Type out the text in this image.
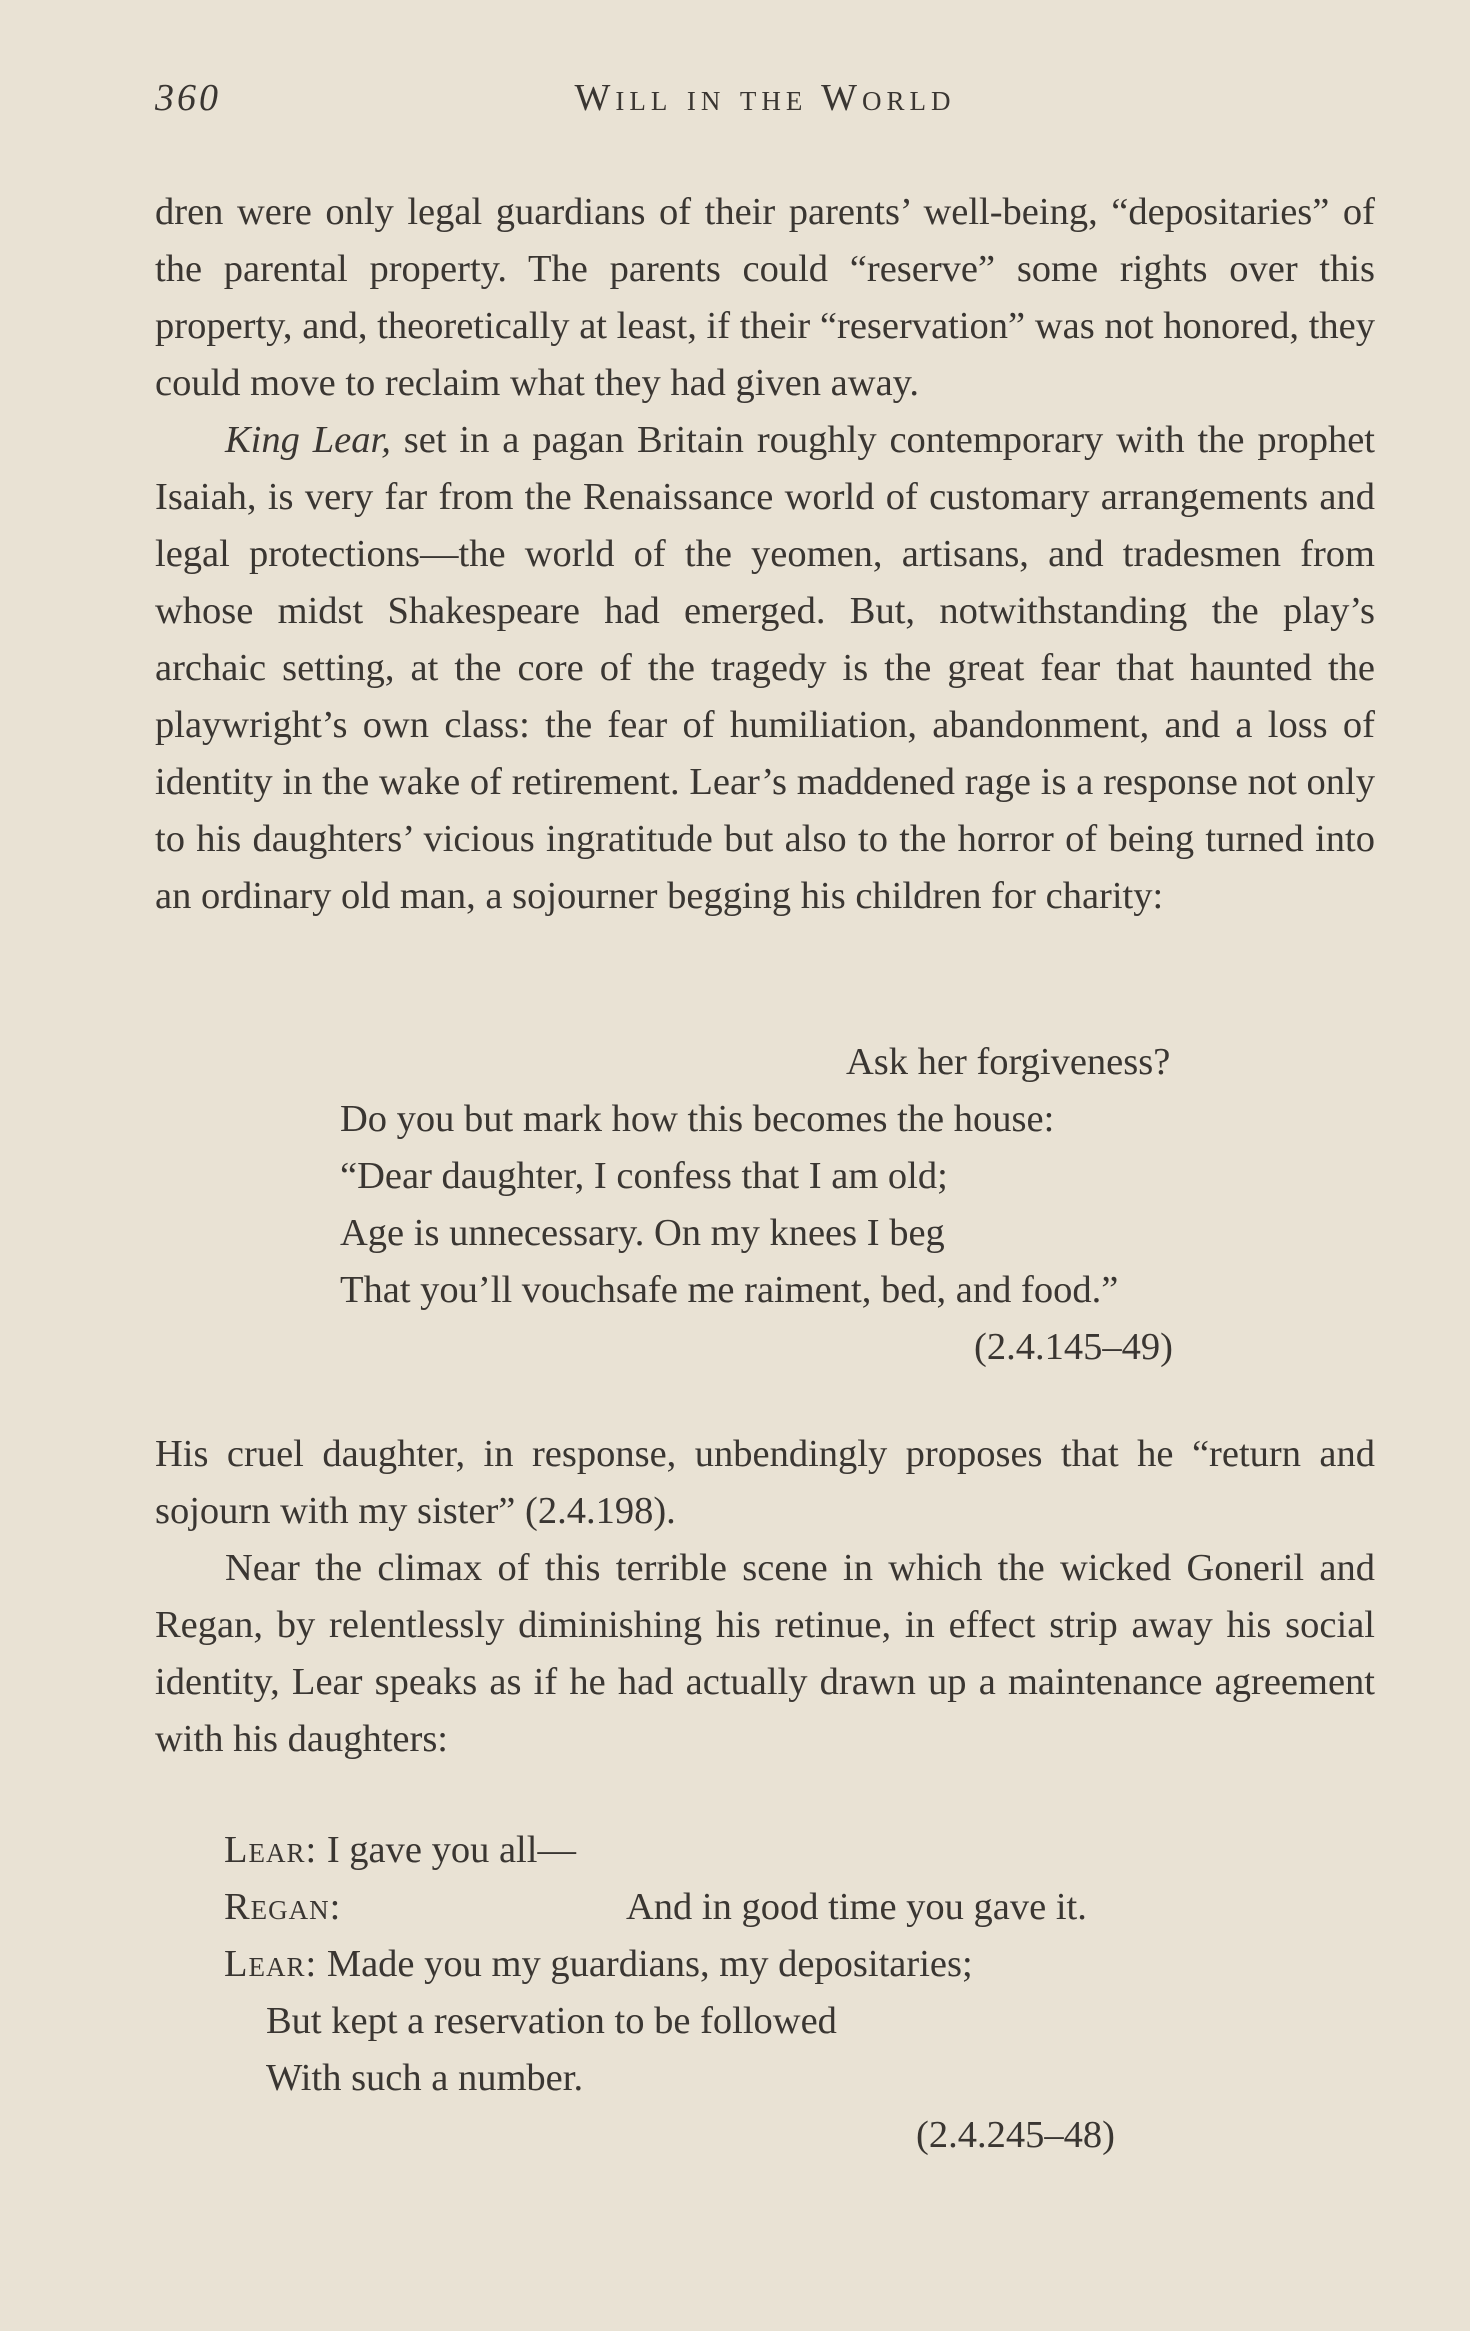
360	Will in the World

dren were only legal guardians of their parents’ well-being, “depositaries” of the parental property. The parents could “reserve” some rights over this property, and, theoretically at least, if their “reservation” was not honored, they could move to reclaim what they had given away.

King Lear, set in a pagan Britain roughly contemporary with the prophet Isaiah, is very far from the Renaissance world of customary arrangements and legal protections—the world of the yeomen, artisans, and tradesmen from whose midst Shakespeare had emerged. But, notwithstanding the play’s archaic setting, at the core of the tragedy is the great fear that haunted the playwright’s own class: the fear of humiliation, abandonment, and a loss of identity in the wake of retirement. Lear’s maddened rage is a response not only to his daughters’ vicious ingratitude but also to the horror of being turned into an ordinary old man, a sojourner begging his children for charity:

Ask her forgiveness?
Do you but mark how this becomes the house:
“Dear daughter, I confess that I am old;
Age is unnecessary. On my knees I beg
That you’ll vouchsafe me raiment, bed, and food.”
(2.4.145–49)

His cruel daughter, in response, unbendingly proposes that he “return and sojourn with my sister” (2.4.198).

Near the climax of this terrible scene in which the wicked Goneril and Regan, by relentlessly diminishing his retinue, in effect strip away his social identity, Lear speaks as if he had actually drawn up a maintenance agreement with his daughters:

Lear: I gave you all—
Regan:	And in good time you gave it.
Lear: Made you my guardians, my depositaries;
But kept a reservation to be followed
With such a number.
(2.4.245–48)
